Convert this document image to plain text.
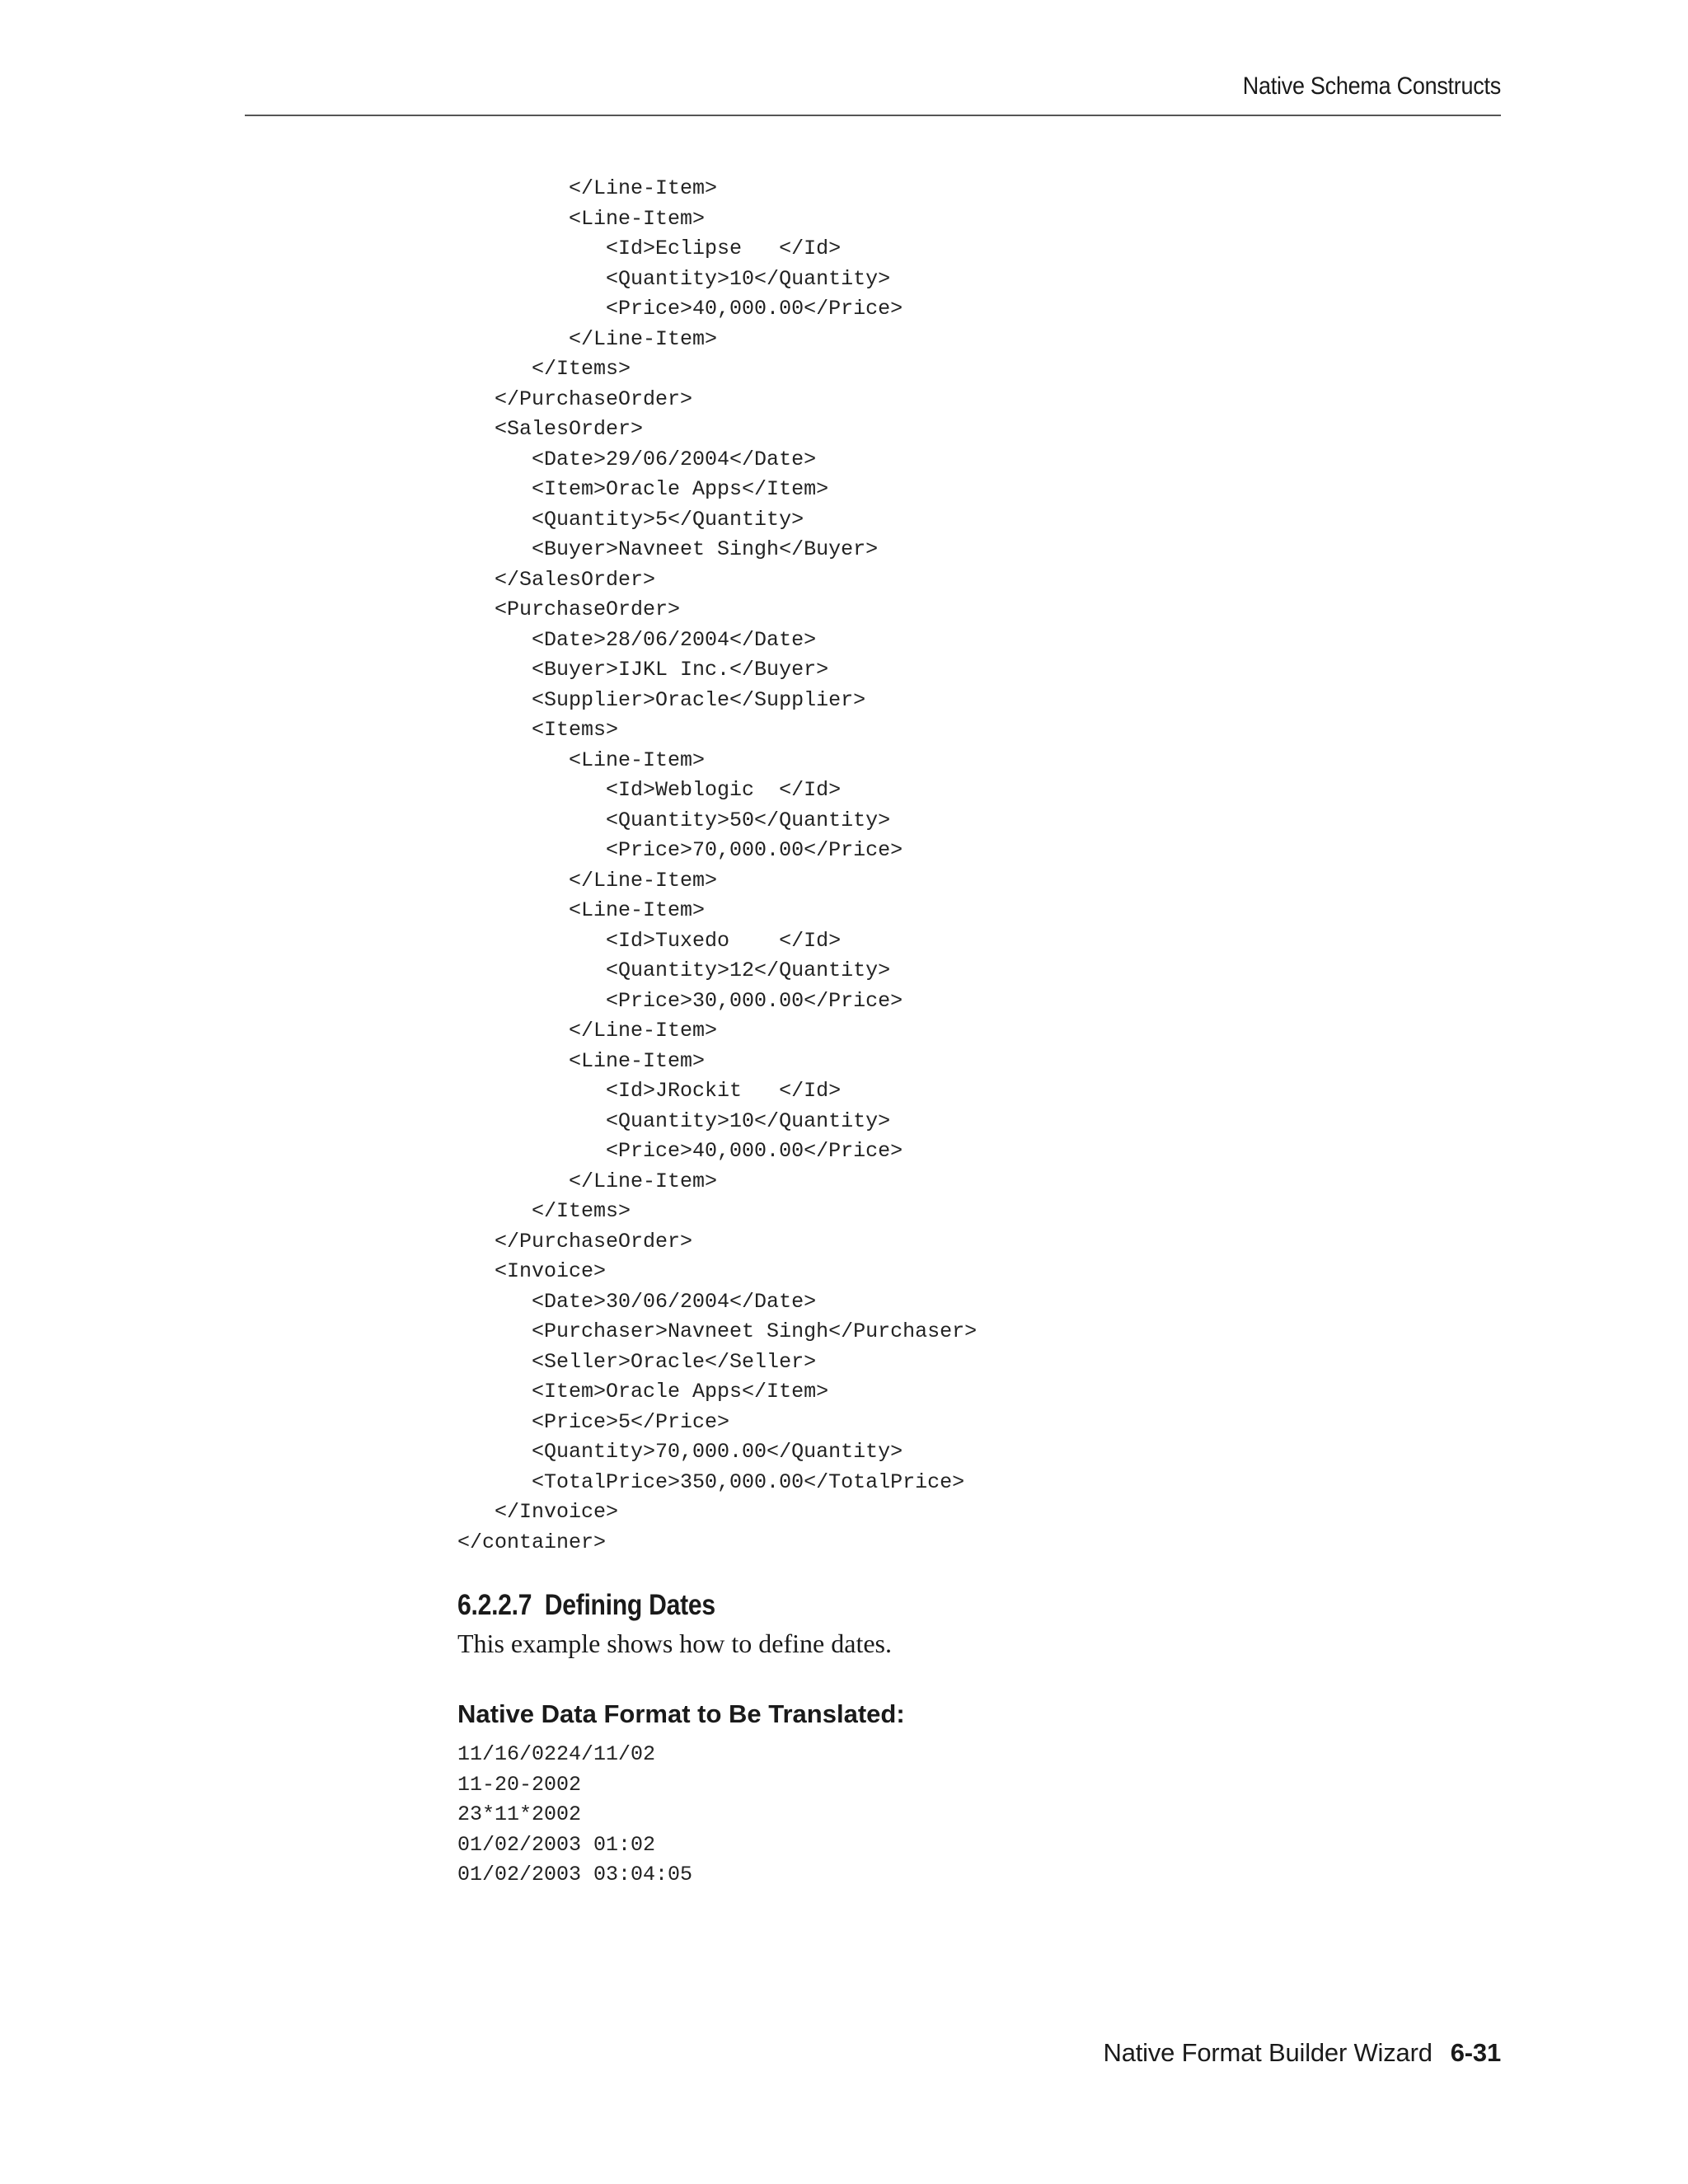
Native Schema Constructs
</Line-Item>
<Line-Item>
<Id>Eclipse   </Id>
<Quantity>10</Quantity>
<Price>40,000.00</Price>
</Line-Item>
</Items>
</PurchaseOrder>
<SalesOrder>
<Date>29/06/2004</Date>
<Item>Oracle Apps</Item>
<Quantity>5</Quantity>
<Buyer>Navneet Singh</Buyer>
</SalesOrder>
<PurchaseOrder>
<Date>28/06/2004</Date>
<Buyer>IJKL Inc.</Buyer>
<Supplier>Oracle</Supplier>
<Items>
<Line-Item>
<Id>Weblogic  </Id>
<Quantity>50</Quantity>
<Price>70,000.00</Price>
</Line-Item>
<Line-Item>
<Id>Tuxedo    </Id>
<Quantity>12</Quantity>
<Price>30,000.00</Price>
</Line-Item>
<Line-Item>
<Id>JRockit   </Id>
<Quantity>10</Quantity>
<Price>40,000.00</Price>
</Line-Item>
</Items>
</PurchaseOrder>
<Invoice>
<Date>30/06/2004</Date>
<Purchaser>Navneet Singh</Purchaser>
<Seller>Oracle</Seller>
<Item>Oracle Apps</Item>
<Price>5</Price>
<Quantity>70,000.00</Quantity>
<TotalPrice>350,000.00</TotalPrice>
</Invoice>
</container>
6.2.2.7 Defining Dates

This example shows how to define dates.

Native Data Format to Be Translated:
11/16/0224/11/02
11-20-2002
23*11*2002
01/02/2003 01:02
01/02/2003 03:04:05
Native Format Builder Wizard 6-31
